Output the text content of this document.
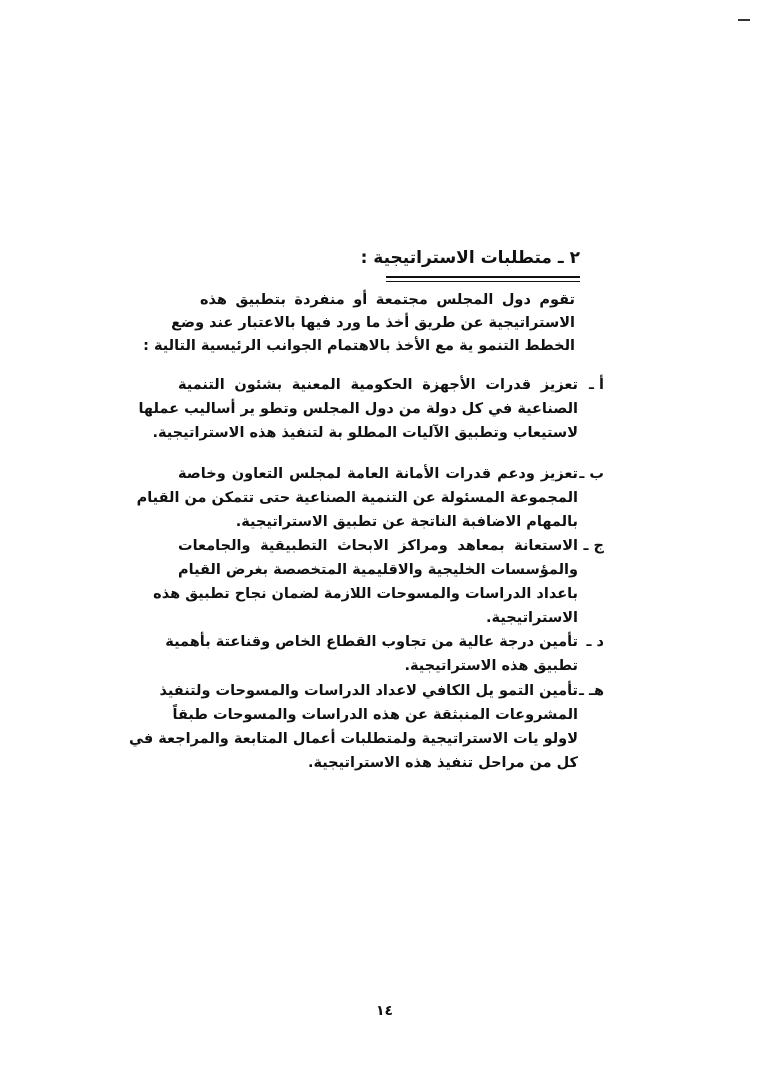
٢ ـ متطلبات الاستراتيجية :
تقوم دول المجلس مجتمعة أو منفردة بتطبيق هذه
الاستراتيجية عن طريق أخذ ما ورد فيها بالاعتبار عند وضع
الخطط التنمو ية مع الأخذ بالاهتمام الجوانب الرئيسية التالية :
أ ـ
تعزيز قدرات الأجهزة الحكومية المعنية بشئون التنمية
الصناعية في كل دولة من دول المجلس وتطو ير أساليب عملها
لاستيعاب وتطبيق الآليات المطلو بة لتنفيذ هذه الاستراتيجية.
ب ـ
تعزيز ودعم قدرات الأمانة العامة لمجلس التعاون وخاصة
المجموعة المسئولة عن التنمية الصناعية حتى تتمكن من القيام
بالمهام الاضافبة الناتجة عن تطبيق الاستراتيجية.
ج ـ
الاستعانة بمعاهد ومراكز الابحاث التطبيقية والجامعات
والمؤسسات الخليجية والاقليمية المتخصصة بغرض القيام
باعداد الدراسات والمسوحات اللازمة لضمان نجاح تطبيق هذه
الاستراتيجية.
د ـ
تأمين درجة عالية من تجاوب القطاع الخاص وقناعتة بأهمية
تطبيق هذه الاستراتيجية.
هـ ـ
تأمين التمو يل الكافي لاعداد الدراسات والمسوحات ولتنفيذ
المشروعات المنبثقة عن هذه الدراسات والمسوحات طبقاً
لاولو يات الاستراتيجية ولمتطلبات أعمال المتابعة والمراجعة في
كل من مراحل تنفيذ هذه الاستراتيجية.
١٤
